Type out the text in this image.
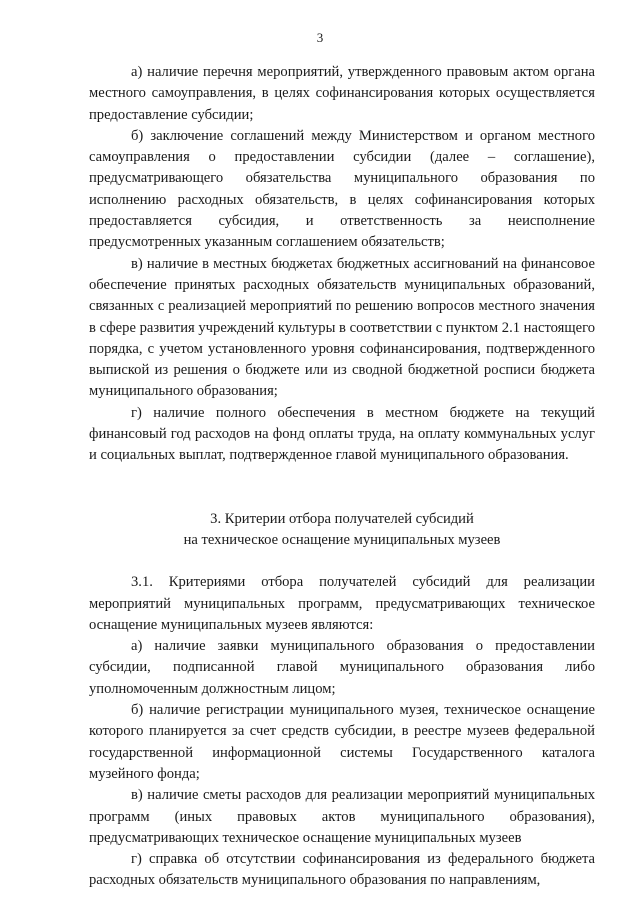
3

а) наличие перечня мероприятий, утвержденного правовым актом органа местного самоуправления, в целях софинансирования которых осуществляется предоставление субсидии;

б) заключение соглашений между Министерством и органом местного самоуправления о предоставлении субсидии (далее – соглашение), предусматривающего обязательства муниципального образования по исполнению расходных обязательств, в целях софинансирования которых предоставляется субсидия, и ответственность за неисполнение предусмотренных указанным соглашением обязательств;

в) наличие в местных бюджетах бюджетных ассигнований на финансовое обеспечение принятых расходных обязательств муниципальных образований, связанных с реализацией мероприятий по решению вопросов местного значения в сфере развития учреждений культуры в соответствии с пунктом 2.1 настоящего порядка, с учетом установленного уровня софинансирования, подтвержденного выпиской из решения о бюджете или из сводной бюджетной росписи бюджета муниципального образования;

г) наличие полного обеспечения в местном бюджете на текущий финансовый год расходов на фонд оплаты труда, на оплату коммунальных услуг и социальных выплат, подтвержденное главой муниципального образования.

3. Критерии отбора получателей субсидий
на техническое оснащение муниципальных музеев

3.1. Критериями отбора получателей субсидий для реализации мероприятий муниципальных программ, предусматривающих техническое оснащение муниципальных музеев являются:

а) наличие заявки муниципального образования о предоставлении субсидии, подписанной главой муниципального образования либо уполномоченным должностным лицом;

б) наличие регистрации муниципального музея, техническое оснащение которого планируется за счет средств субсидии, в реестре музеев федеральной государственной информационной системы Государственного каталога музейного фонда;

в) наличие сметы расходов для реализации мероприятий муниципальных программ (иных правовых актов муниципального образования), предусматривающих техническое оснащение муниципальных музеев

г) справка об отсутствии софинансирования из федерального бюджета расходных обязательств муниципального образования по направлениям,
